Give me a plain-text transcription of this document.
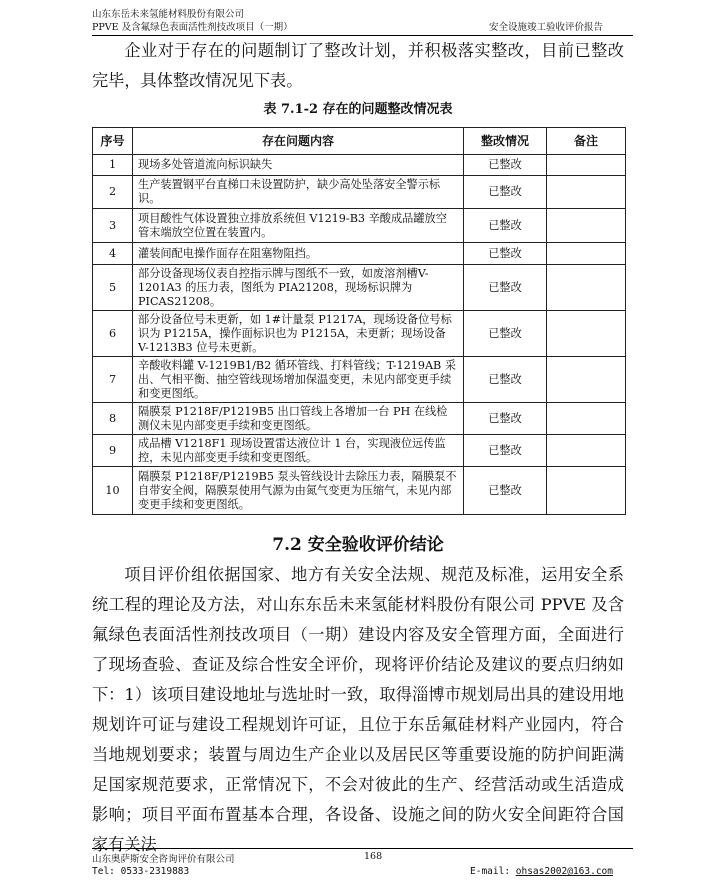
山东东岳未来氢能材料股份有限公司
PPVE 及含氟绿色表面活性剂技改项目（一期）	安全设施竣工验收评价报告

企业对于存在的问题制订了整改计划，并积极落实整改，目前已整改完毕，具体整改情况见下表。

表 7.1-2 存在的问题整改情况表
序号	存在问题内容	整改情况	备注
1	现场多处管道流向标识缺失	已整改	
2	生产装置钢平台直梯口未设置防护，缺少高处坠落安全警示标识。	已整改	
3	项目酸性气体设置独立排放系统但 V1219-B3 辛酸成品罐放空管末端放空位置在装置内。	已整改	
4	灌装间配电操作面存在阻塞物阻挡。	已整改	
5	部分设备现场仪表自控指示牌与图纸不一致，如废溶剂槽V-1201A3 的压力表，图纸为 PIA21208，现场标识牌为PICAS21208。	已整改	
6	部分设备位号未更新，如 1#计量泵 P1217A，现场设备位号标识为 P1215A，操作面标识也为 P1215A，未更新；现场设备 V-1213B3 位号未更新。	已整改	
7	辛酸收料罐 V-1219B1/B2 循环管线、打料管线；T-1219AB 采出、气相平衡、抽空管线现场增加保温变更，未见内部变更手续和变更图纸。	已整改	
8	隔膜泵 P1218F/P1219B5 出口管线上各增加一台 PH 在线检测仪未见内部变更手续和变更图纸。	已整改	
9	成品槽 V1218F1 现场设置雷达液位计 1 台，实现液位远传监控，未见内部变更手续和变更图纸。	已整改	
10	隔膜泵 P1218F/P1219B5 泵头管线设计去除压力表，隔膜泵不自带安全阀，隔膜泵使用气源为由氮气变更为压缩气，未见内部变更手续和变更图纸。	已整改	
7.2 安全验收评价结论

项目评价组依据国家、地方有关安全法规、规范及标准，运用安全系统工程的理论及方法，对山东东岳未来氢能材料股份有限公司 PPVE 及含氟绿色表面活性剂技改项目（一期）建设内容及安全管理方面，全面进行了现场查验、查证及综合性安全评价，现将评价结论及建议的要点归纳如下： 1）该项目建设地址与选址时一致，取得淄博市规划局出具的建设用地规划许可证与建设工程规划许可证，且位于东岳氟硅材料产业园内，符合当地规划要求；装置与周边生产企业以及居民区等重要设施的防护间距满足国家规范要求，正常情况下，不会对彼此的生产、经营活动或生活造成影响；项目平面布置基本合理，各设备、设施之间的防火安全间距符合国家有关法

山东奥萨斯安全咨询评价有限公司	168
Tel: 0533-2319883	E-mail: ohsas2002@163.com
